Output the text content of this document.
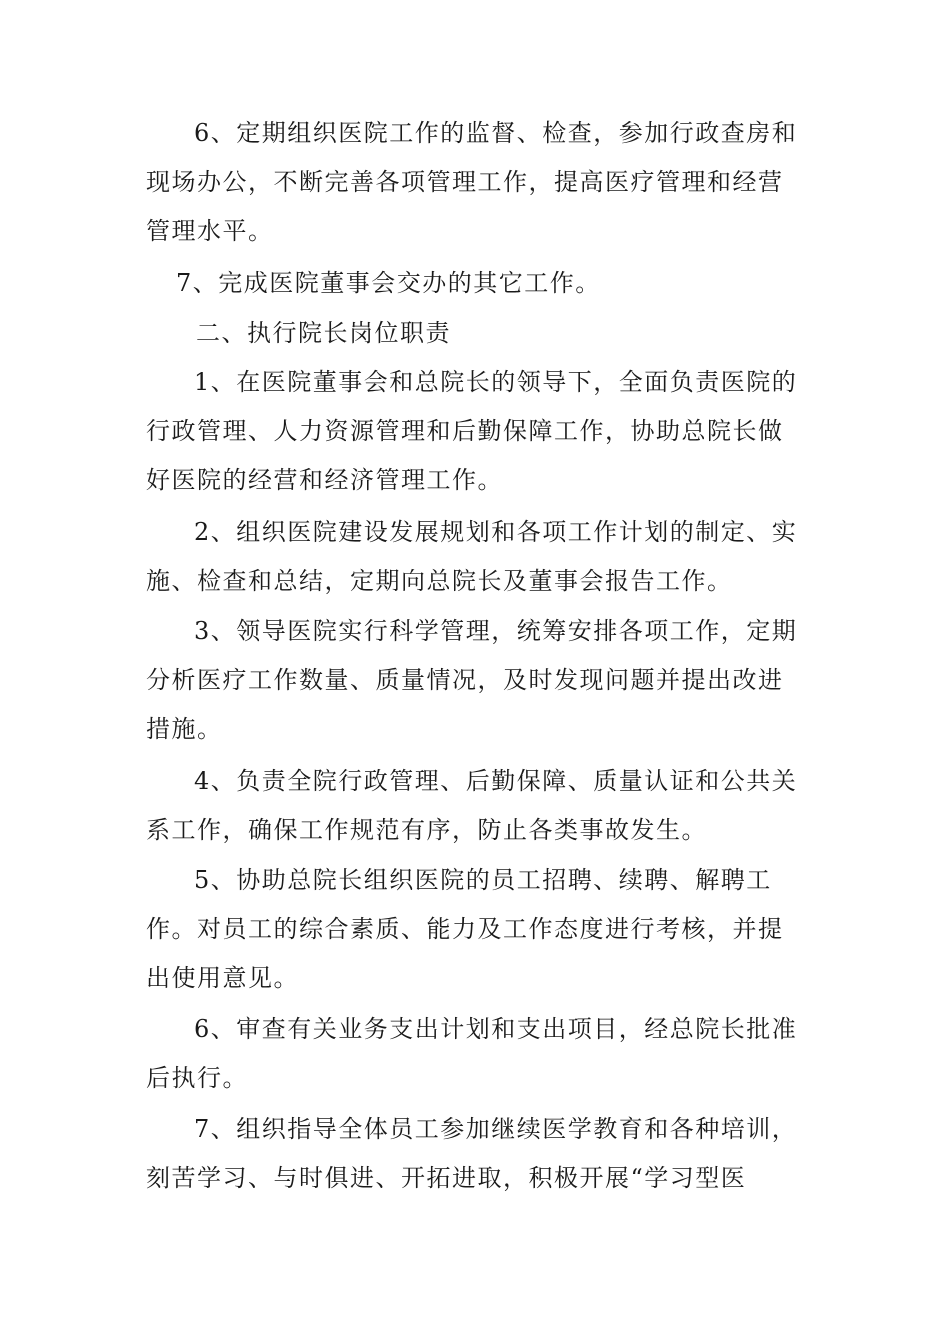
6、定期组织医院工作的监督、检查，参加行政查房和
现场办公，不断完善各项管理工作，提高医疗管理和经营
管理水平。

7、完成医院董事会交办的其它工作。

二、执行院长岗位职责

1、在医院董事会和总院长的领导下，全面负责医院的
行政管理、人力资源管理和后勤保障工作，协助总院长做
好医院的经营和经济管理工作。

2、组织医院建设发展规划和各项工作计划的制定、实
施、检查和总结，定期向总院长及董事会报告工作。

3、领导医院实行科学管理，统筹安排各项工作，定期
分析医疗工作数量、质量情况，及时发现问题并提出改进
措施。

4、负责全院行政管理、后勤保障、质量认证和公共关
系工作，确保工作规范有序，防止各类事故发生。

5、协助总院长组织医院的员工招聘、续聘、解聘工
作。对员工的综合素质、能力及工作态度进行考核，并提
出使用意见。

6、审查有关业务支出计划和支出项目，经总院长批准
后执行。

7、组织指导全体员工参加继续医学教育和各种培训，
刻苦学习、与时俱进、开拓进取，积极开展“学习型医
